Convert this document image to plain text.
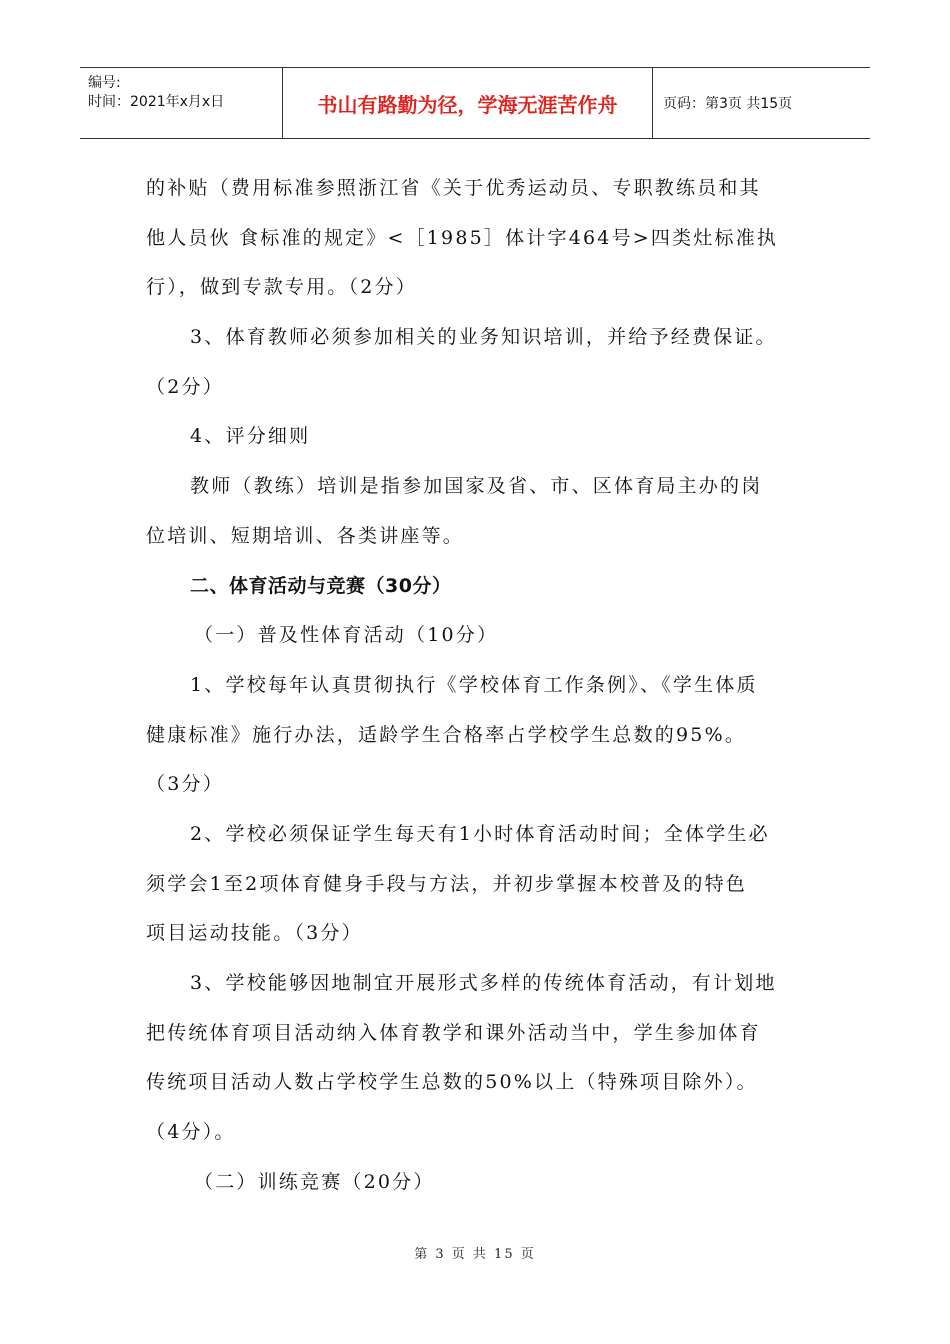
编号:
时间：2021年x月x日	书山有路勤为径，学海无涯苦作舟	页码：第3页 共15页
的补贴（费用标准参照浙江省《关于优秀运动员、专职教练员和其
他人员伙 食标准的规定》<［1985］体计字464号>四类灶标准执
行），做到专款专用。（2分）
3、体育教师必须参加相关的业务知识培训，并给予经费保证。
（2分）
4、评分细则
教师（教练）培训是指参加国家及省、市、区体育局主办的岗
位培训、短期培训、各类讲座等。
二、体育活动与竞赛（30分）
（一）普及性体育活动（10分）
1、学校每年认真贯彻执行《学校体育工作条例》、《学生体质
健康标准》施行办法，适龄学生合格率占学校学生总数的95%。
（3分）
2、学校必须保证学生每天有1小时体育活动时间；全体学生必
须学会1至2项体育健身手段与方法，并初步掌握本校普及的特色
项目运动技能。（3分）
3、学校能够因地制宜开展形式多样的传统体育活动，有计划地
把传统体育项目活动纳入体育教学和课外活动当中，学生参加体育
传统项目活动人数占学校学生总数的50%以上（特殊项目除外）。
（4分）。
（二）训练竞赛（20分）
第 3 页 共 15 页
